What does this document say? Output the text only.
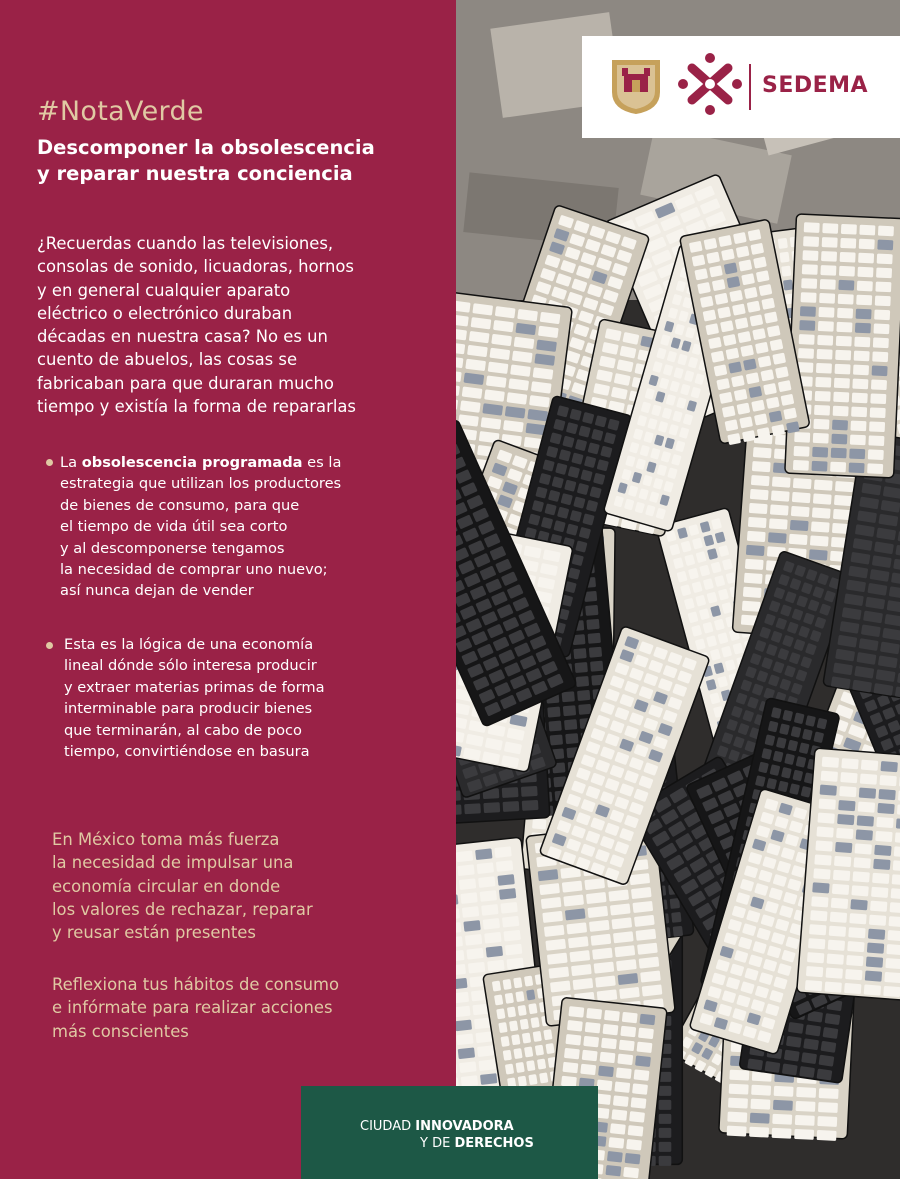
#NotaVerde
Descomponer la obsolescencia
y reparar nuestra conciencia
¿Recuerdas cuando las televisiones,
consolas de sonido, licuadoras, hornos
y en general cualquier aparato
eléctrico o electrónico duraban
décadas en nuestra casa? No es un
cuento de abuelos, las cosas se
fabricaban para que duraran mucho
tiempo y existía la forma de repararlas
La obsolescencia programada es la
estrategia que utilizan los productores
de bienes de consumo, para que
el tiempo de vida útil sea corto
y al descomponerse tengamos
la necesidad de comprar uno nuevo;
así nunca dejan de vender
Esta es la lógica de una economía
lineal dónde sólo interesa producir
y extraer materias primas de forma
interminable para producir bienes
que terminarán, al cabo de poco
tiempo, convirtiéndose en basura
En México toma más fuerza
la necesidad de impulsar una
economía circular en donde
los valores de rechazar, reparar
y reusar están presentes
Reflexiona tus hábitos de consumo
e infórmate para realizar acciones
más conscientes
SEDEMA
CIUDAD INNOVADORA
Y DE DERECHOS
